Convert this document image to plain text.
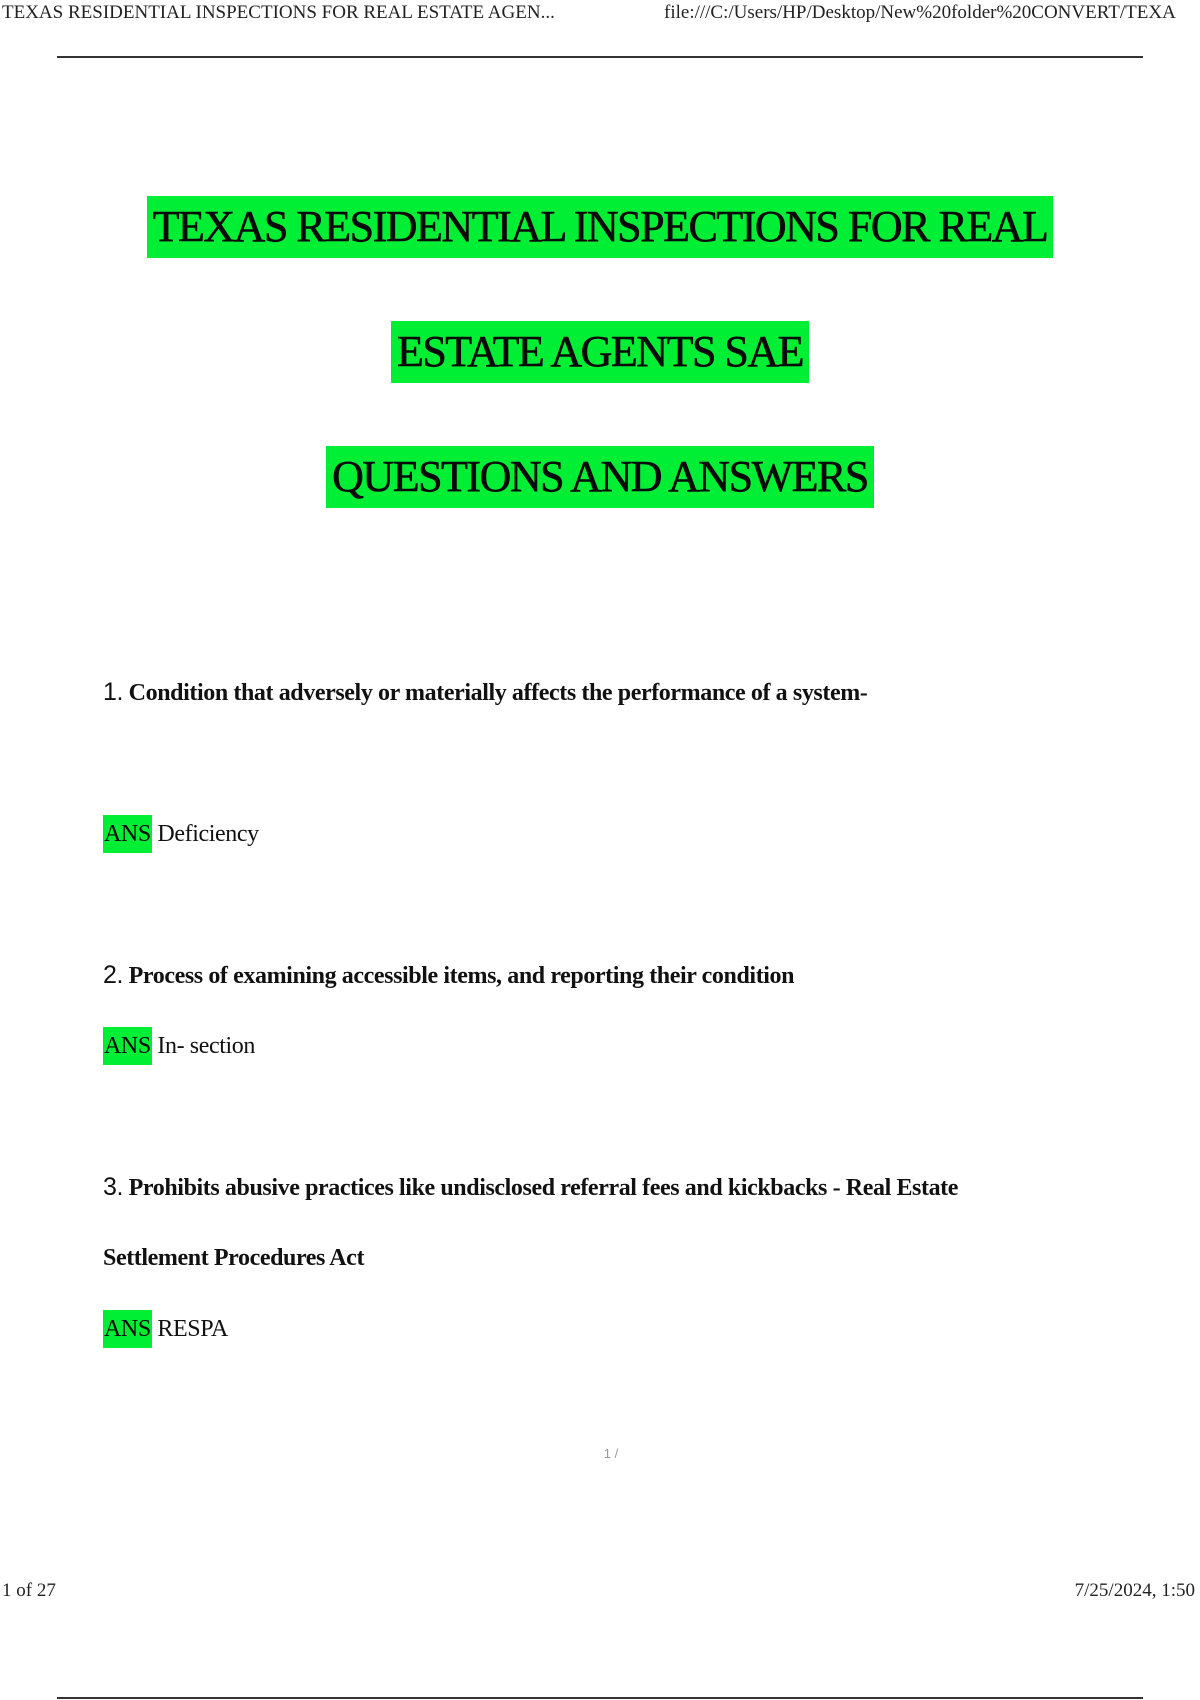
TEXAS RESIDENTIAL INSPECTIONS FOR REAL ESTATE AGEN...	file:///C:/Users/HP/Desktop/New%20folder%20CONVERT/TEXA
TEXAS RESIDENTIAL INSPECTIONS FOR REAL
ESTATE AGENTS SAE
QUESTIONS AND ANSWERS
1. Condition that adversely or materially affects the performance of a system-
ANS Deficiency
2. Process of examining accessible items, and reporting their condition
ANS In- section
3. Prohibits abusive practices like undisclosed referral fees and kickbacks - Real Estate
Settlement Procedures Act
ANS RESPA
1 /
1 of 27	7/25/2024, 1:50
